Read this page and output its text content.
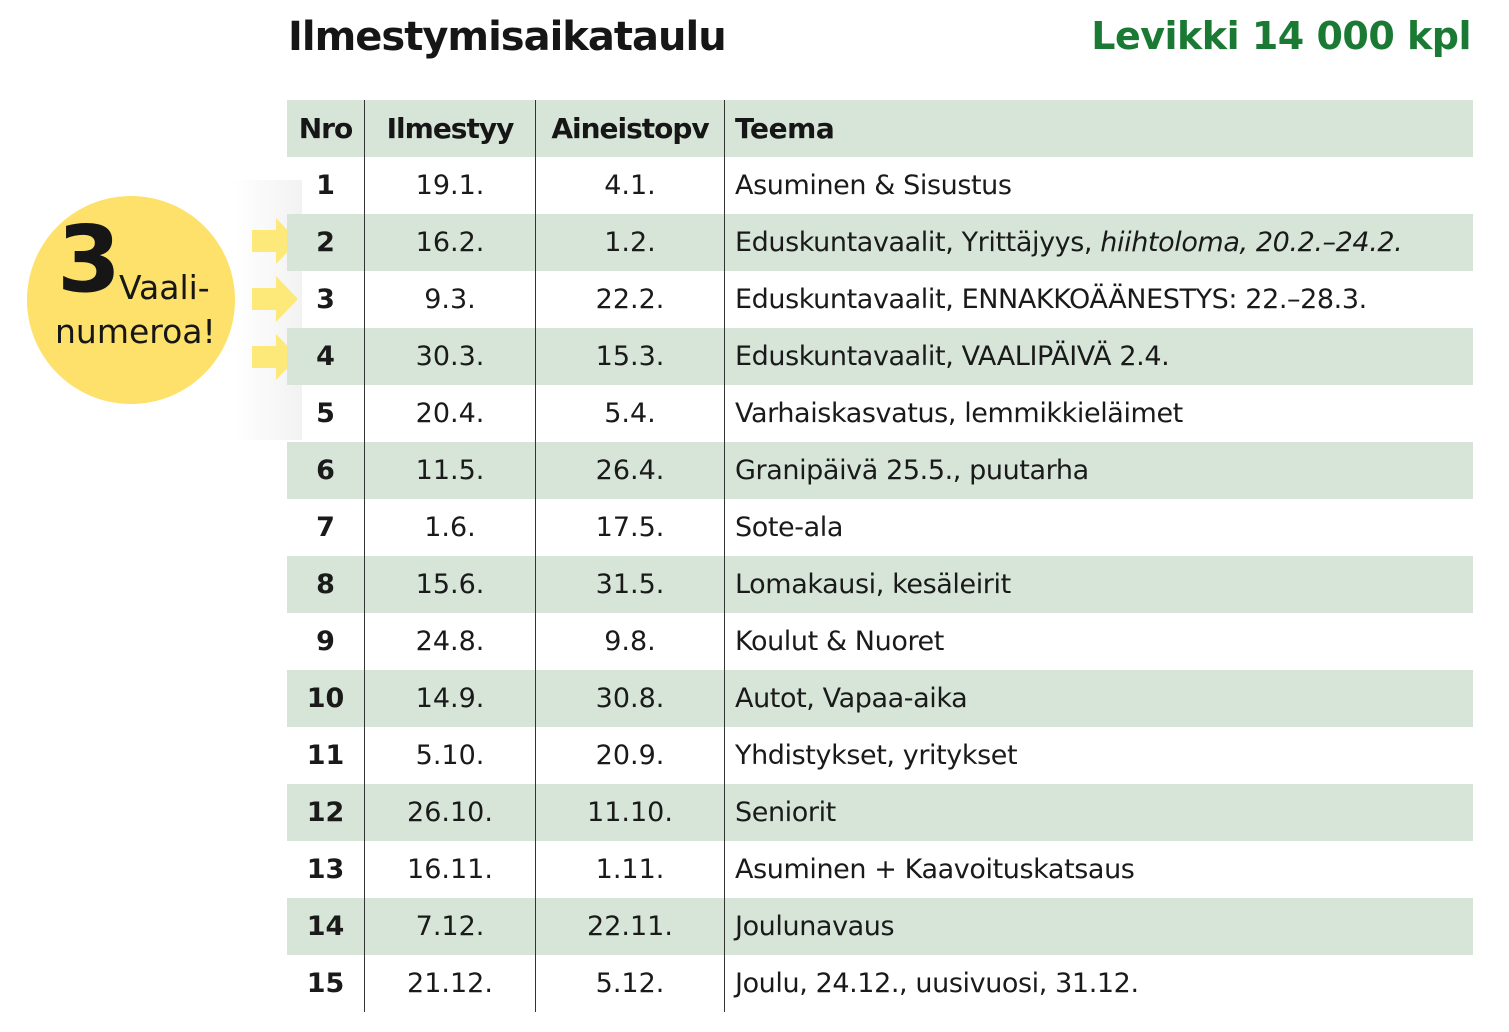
Ilmestymisaikataulu	Levikki 14 000 kpl
3
Vaali-
numeroa!
Nro	Ilmestyy	Aineistopv	Teema
1	19.1.	4.1.	Asuminen & Sisustus
2	16.2.	1.2.	Eduskuntavaalit, Yrittäjyys, hiihtoloma, 20.2.–24.2.
3	9.3.	22.2.	Eduskuntavaalit, ENNAKKOÄÄNESTYS: 22.–28.3.
4	30.3.	15.3.	Eduskuntavaalit, VAALIPÄIVÄ 2.4.
5	20.4.	5.4.	Varhaiskasvatus, lemmikkieläimet
6	11.5.	26.4.	Granipäivä 25.5., puutarha
7	1.6.	17.5.	Sote-ala
8	15.6.	31.5.	Lomakausi, kesäleirit
9	24.8.	9.8.	Koulut & Nuoret
10	14.9.	30.8.	Autot, Vapaa-aika
11	5.10.	20.9.	Yhdistykset, yritykset
12	26.10.	11.10.	Seniorit
13	16.11.	1.11.	Asuminen + Kaavoituskatsaus
14	7.12.	22.11.	Joulunavaus
15	21.12.	5.12.	Joulu, 24.12., uusivuosi, 31.12.
